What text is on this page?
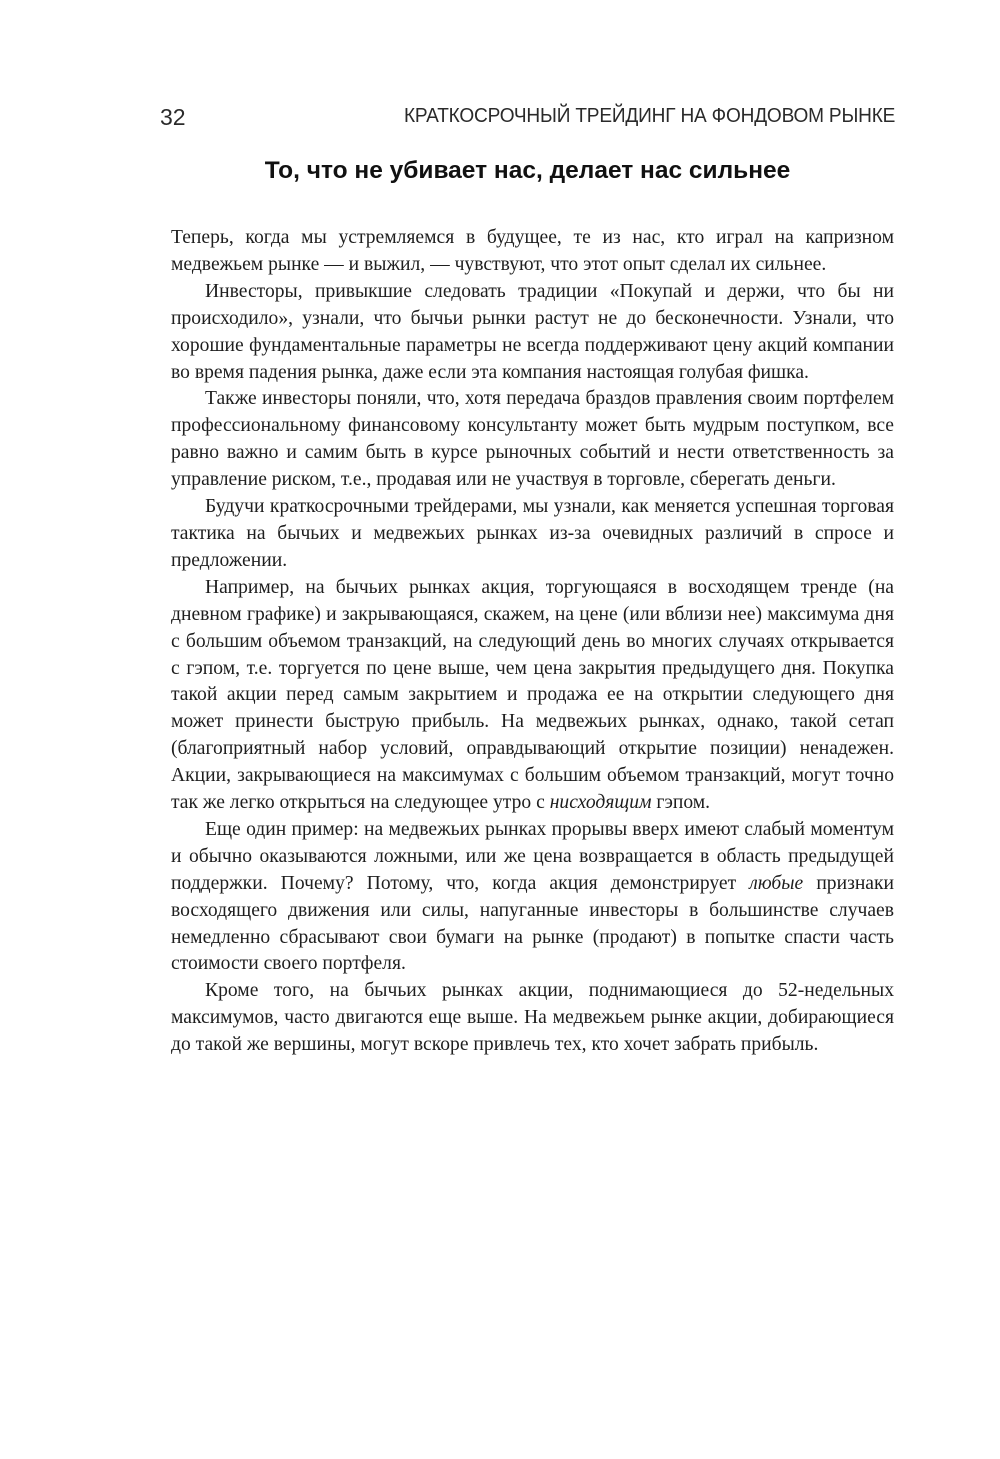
32	КРАТКОСРОЧНЫЙ ТРЕЙДИНГ НА ФОНДОВОМ РЫНКЕ
То, что не убивает нас, делает нас сильнее

Теперь, когда мы устремляемся в будущее, те из нас, кто играл на капризном медвежьем рынке — и выжил, — чувствуют, что этот опыт сделал их сильнее.

Инвесторы, привыкшие следовать традиции «Покупай и держи, что бы ни происходило», узнали, что бычьи рынки растут не до бесконечности. Узнали, что хорошие фундаментальные параметры не всегда поддерживают цену акций компании во время падения рынка, даже если эта компания настоящая голубая фишка.

Также инвесторы поняли, что, хотя передача браздов правления своим портфелем профессиональному финансовому консультанту может быть мудрым поступком, все равно важно и самим быть в курсе рыночных событий и нести ответственность за управление риском, т.е., продавая или не участвуя в торговле, сберегать деньги.

Будучи краткосрочными трейдерами, мы узнали, как меняется успешная торговая тактика на бычьих и медвежьих рынках из-за очевидных различий в спросе и предложении.

Например, на бычьих рынках акция, торгующаяся в восходящем тренде (на дневном графике) и закрывающаяся, скажем, на цене (или вблизи нее) максимума дня с большим объемом транзакций, на следующий день во многих случаях открывается с гэпом, т.е. торгуется по цене выше, чем цена закрытия предыдущего дня. Покупка такой акции перед самым закрытием и продажа ее на открытии следующего дня может принести быструю прибыль. На медвежьих рынках, однако, такой сетап (благоприятный набор условий, оправдывающий открытие позиции) ненадежен. Акции, закрывающиеся на максимумах с большим объемом транзакций, могут точно так же легко открыться на следующее утро с нисходящим гэпом.

Еще один пример: на медвежьих рынках прорывы вверх имеют слабый моментум и обычно оказываются ложными, или же цена возвращается в область предыдущей поддержки. Почему? Потому, что, когда акция демонстрирует любые признаки восходящего движения или силы, напуганные инвесторы в большинстве случаев немедленно сбрасывают свои бумаги на рынке (продают) в попытке спасти часть стоимости своего портфеля.

Кроме того, на бычьих рынках акции, поднимающиеся до 52-недельных максимумов, часто двигаются еще выше. На медвежьем рынке акции, добирающиеся до такой же вершины, могут вскоре привлечь тех, кто хочет забрать прибыль.
